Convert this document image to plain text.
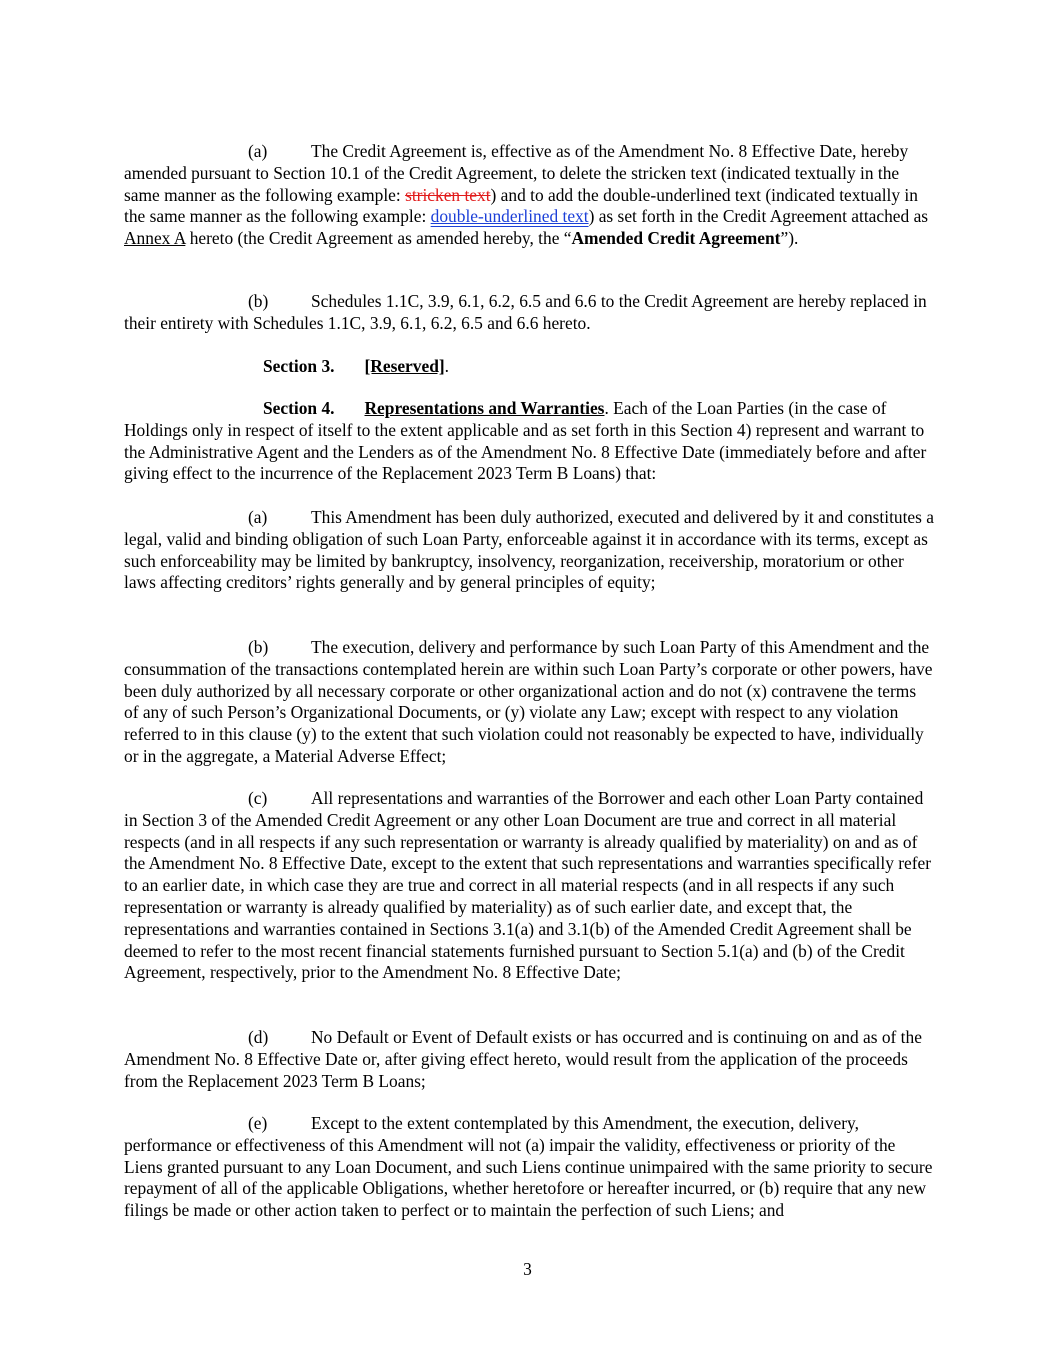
(a)	The Credit Agreement is, effective as of the Amendment No. 8 Effective Date, hereby amended pursuant to Section 10.1 of the Credit Agreement, to delete the stricken text (indicated textually in the same manner as the following example: stricken text) and to add the double-underlined text (indicated textually in the same manner as the following example: double-underlined text) as set forth in the Credit Agreement attached as Annex A hereto (the Credit Agreement as amended hereby, the “Amended Credit Agreement”).

(b) Schedules 1.1C, 3.9, 6.1, 6.2, 6.5 and 6.6 to the Credit Agreement are hereby replaced in their entirety with Schedules 1.1C, 3.9, 6.1, 6.2, 6.5 and 6.6 hereto.

Section 3. [Reserved].

Section 4. Representations and Warranties. Each of the Loan Parties (in the case of Holdings only in respect of itself to the extent applicable and as set forth in this Section 4) represent and warrant to the Administrative Agent and the Lenders as of the Amendment No. 8 Effective Date (immediately before and after giving effect to the incurrence of the Replacement 2023 Term B Loans) that:

(a)	This Amendment has been duly authorized, executed and delivered by it and constitutes a legal, valid and binding obligation of such Loan Party, enforceable against it in accordance with its terms, except as such enforceability may be limited by bankruptcy, insolvency, reorganization, receivership, moratorium or other laws affecting creditors’ rights generally and by general principles of equity;

(b) The execution, delivery and performance by such Loan Party of this Amendment and the consummation of the transactions contemplated herein are within such Loan Party’s corporate or other powers, have been duly authorized by all necessary corporate or other organizational action and do not (x) contravene the terms of any of such Person’s Organizational Documents, or (y) violate any Law; except with respect to any violation referred to in this clause (y) to the extent that such violation could not reasonably be expected to have, individually or in the aggregate, a Material Adverse Effect;

(c)	All representations and warranties of the Borrower and each other Loan Party contained in Section 3 of the Amended Credit Agreement or any other Loan Document are true and correct in all material respects (and in all respects if any such representation or warranty is already qualified by materiality) on and as of the Amendment No. 8 Effective Date, except to the extent that such representations and warranties specifically refer to an earlier date, in which case they are true and correct in all material respects (and in all respects if any such representation or warranty is already qualified by materiality) as of such earlier date, and except that, the representations and warranties contained in Sections 3.1(a) and 3.1(b) of the Amended Credit Agreement shall be deemed to refer to the most recent financial statements furnished pursuant to Section 5.1(a) and (b) of the Credit Agreement, respectively, prior to the Amendment No. 8 Effective Date;

(d) No Default or Event of Default exists or has occurred and is continuing on and as of the Amendment No. 8 Effective Date or, after giving effect hereto, would result from the application of the proceeds from the Replacement 2023 Term B Loans;

(e)	Except to the extent contemplated by this Amendment, the execution, delivery, performance or effectiveness of this Amendment will not (a) impair the validity, effectiveness or priority of the Liens granted pursuant to any Loan Document, and such Liens continue unimpaired with the same priority to secure repayment of all of the applicable Obligations, whether heretofore or hereafter incurred, or (b) require that any new filings be made or other action taken to perfect or to maintain the perfection of such Liens; and

3
